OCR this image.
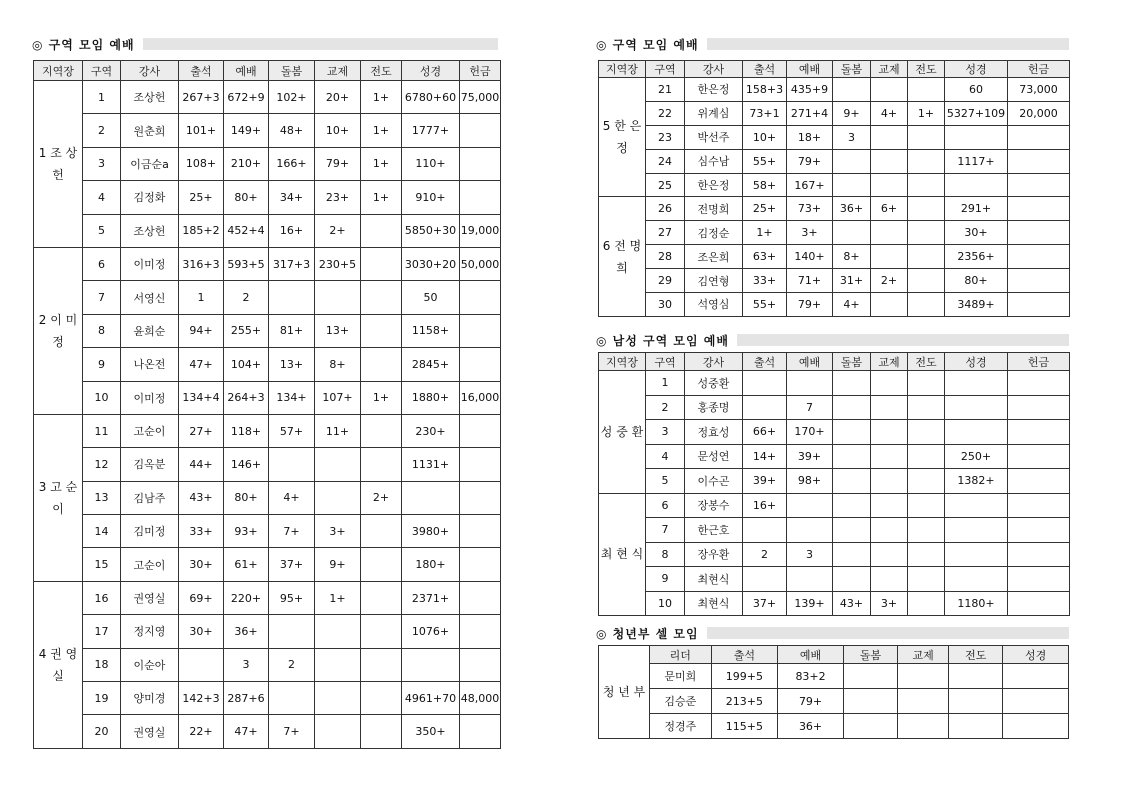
◎ 구역 모임 예배
지역장	구역	강사	출석	예배	돌봄	교제	전도	성경	헌금
1 조 상 헌	1	조상헌	267+3	672+9	102+	20+	1+	6780+60	75,000
	2	원춘희	101+	149+	48+	10+	1+	1777+	
	3	이금순a	108+	210+	166+	79+	1+	110+	
	4	김정화	25+	80+	34+	23+	1+	910+	
	5	조상헌	185+2	452+4	16+	2+		5850+30	19,000
2 이 미 정	6	이미정	316+3	593+5	317+3	230+5		3030+20	50,000
	7	서영신	1	2				50	
	8	윤희순	94+	255+	81+	13+		1158+	
	9	나온전	47+	104+	13+	8+		2845+	
	10	이미정	134+4	264+3	134+	107+	1+	1880+	16,000
3 고 순 이	11	고순이	27+	118+	57+	11+		230+	
	12	김옥분	44+	146+				1131+	
	13	김남주	43+	80+	4+		2+		
	14	김미정	33+	93+	7+	3+		3980+	
	15	고순이	30+	61+	37+	9+		180+	
4 권 영 실	16	권영실	69+	220+	95+	1+		2371+	
	17	정지영	30+	36+				1076+	
	18	이순아		3	2				
	19	양미경	142+3	287+6				4961+70	48,000
	20	권영실	22+	47+	7+			350+	
◎ 구역 모임 예배
지역장	구역	강사	출석	예배	돌봄	교제	전도	성경	헌금
5 한 은 정	21	한은정	158+3	435+9				60	73,000
	22	위계심	73+1	271+4	9+	4+	1+	5327+109	20,000
	23	박선주	10+	18+	3				
	24	심수남	55+	79+				1117+	
	25	한은정	58+	167+					
6 전 명 희	26	전명희	25+	73+	36+	6+		291+	
	27	김정순	1+	3+				30+	
	28	조은희	63+	140+	8+			2356+	
	29	김연형	33+	71+	31+	2+		80+	
	30	석영심	55+	79+	4+			3489+	
◎ 남성 구역 모임 예배
지역장	구역	강사	출석	예배	돌봄	교제	전도	성경	헌금
성 중 환	1	성중환							
	2	홍종명		7					
	3	정효성	66+	170+					
	4	문성연	14+	39+				250+	
	5	이수곤	39+	98+				1382+	
최 현 식	6	장봉수	16+						
	7	한근호							
	8	장우환	2	3					
	9	최현식							
	10	최현식	37+	139+	43+	3+		1180+	
◎ 청년부 셀 모임
청 년 부	리더	출석	예배	돌봄	교제	전도	성경
	문미희	199+5	83+2				
	김승준	213+5	79+				
	정경주	115+5	36+				
